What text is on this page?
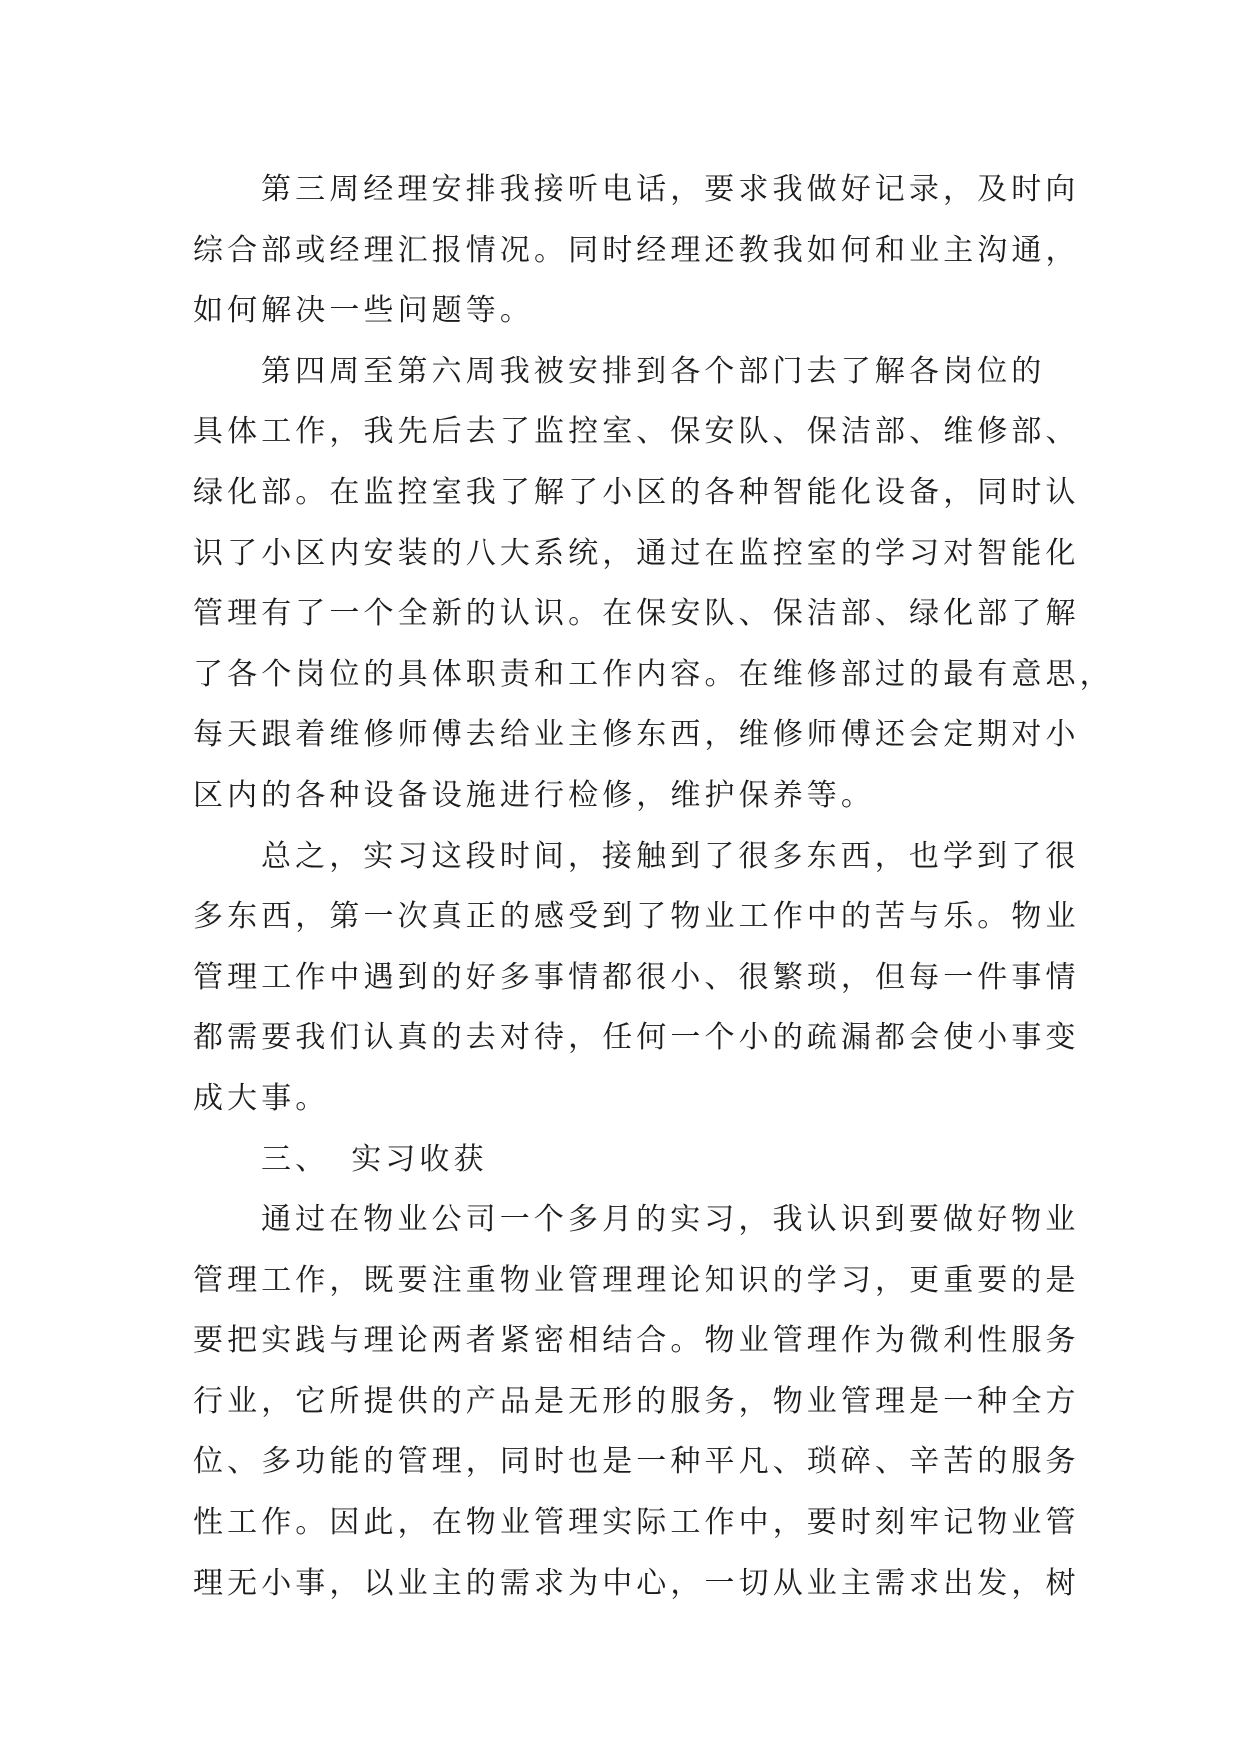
第三周经理安排我接听电话，要求我做好记录，及时向
综合部或经理汇报情况。同时经理还教我如何和业主沟通，
如何解决一些问题等。
第四周至第六周我被安排到各个部门去了解各岗位的
具体工作，我先后去了监控室、保安队、保洁部、维修部、
绿化部。在监控室我了解了小区的各种智能化设备，同时认
识了小区内安装的八大系统，通过在监控室的学习对智能化
管理有了一个全新的认识。在保安队、保洁部、绿化部了解
了各个岗位的具体职责和工作内容。在维修部过的最有意思，
每天跟着维修师傅去给业主修东西，维修师傅还会定期对小
区内的各种设备设施进行检修，维护保养等。
总之，实习这段时间，接触到了很多东西，也学到了很
多东西，第一次真正的感受到了物业工作中的苦与乐。物业
管理工作中遇到的好多事情都很小、很繁琐，但每一件事情
都需要我们认真的去对待，任何一个小的疏漏都会使小事变
成大事。
三、 实习收获
通过在物业公司一个多月的实习，我认识到要做好物业
管理工作，既要注重物业管理理论知识的学习，更重要的是
要把实践与理论两者紧密相结合。物业管理作为微利性服务
行业，它所提供的产品是无形的服务，物业管理是一种全方
位、多功能的管理，同时也是一种平凡、琐碎、辛苦的服务
性工作。因此，在物业管理实际工作中，要时刻牢记物业管
理无小事，以业主的需求为中心，一切从业主需求出发，树
